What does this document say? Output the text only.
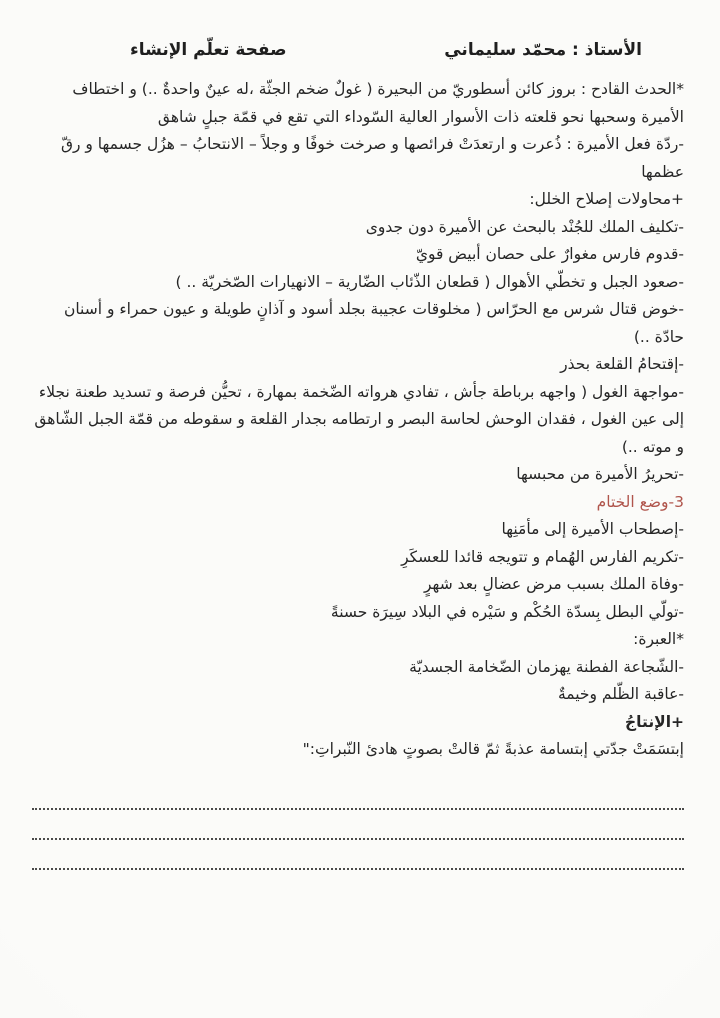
الأستاذ : محمّد سليماني
صفحة تعلّم الإنشاء

*الحدث القادح : بروز كائن أسطوريّ من البحيرة ( غولٌ ضخم الجثّة ،له عينٌ واحدةٌ ..) و اختطاف الأميرة وسحبها نحو قلعته ذات الأسوار العالية السّوداء التي تقع في قمّة جبلٍ شاهق

-ردّة فعل الأميرة : ذُعرت و ارتعدَتْ فرائصها و صرخت خوفًا و وجلاً – الانتحابُ – هزُل جسمها و رقّ عظمها

+محاولات إصلاح الخلل:

-تكليف الملك للجُنْد بالبحث عن الأميرة دون جدوى

-قدوم فارس مغوارٌ على حصان أبيض قويّ

-صعود الجبل و تخطّي الأهوال ( قطعان الذّئاب الضّارية – الانهيارات الصّخريّة .. )

-خوض قتال شرس مع الحرّاس ( مخلوقات عجيبة بجلد أسود و آذانٍ طويلة و عيون حمراء و أسنان حادّة ..)

-إقتحامُ القلعة بحذر

-مواجهة الغول ( واجهه برباطة جأش ، تفادي هرواته الضّخمة بمهارة ، تحيُّن فرصة و تسديد طعنة نجلاء إلى عين الغول ، فقدان الوحش لحاسة البصر و ارتطامه بجدار القلعة و سقوطه من قمّة الجبل الشّاهق و موته ..)

-تحريرُ الأميرة من محبسها

3-وضع الختام

-إصطحاب الأميرة إلى مأمَنِها

-تكريم الفارس الهُمام و تتويجه قائدا للعسكَرِ

-وفاة الملك بسبب مرض عضالٍ بعد شهرٍ

-تولّي البطل بِسدّة الحُكْم و سَيْره في البلاد سِيرَة حسنةً

*العبرة:

-الشّجاعة الفطنة يهزمان الضّخامة الجسديّة

-عاقبة الظّلم وخيمةٌ

+الإنتاجُ

إبتسَمَتْ جدّتي إبتسامة عذبةً ثمّ قالتْ بصوتٍ هادئ النّبراتِ:"
